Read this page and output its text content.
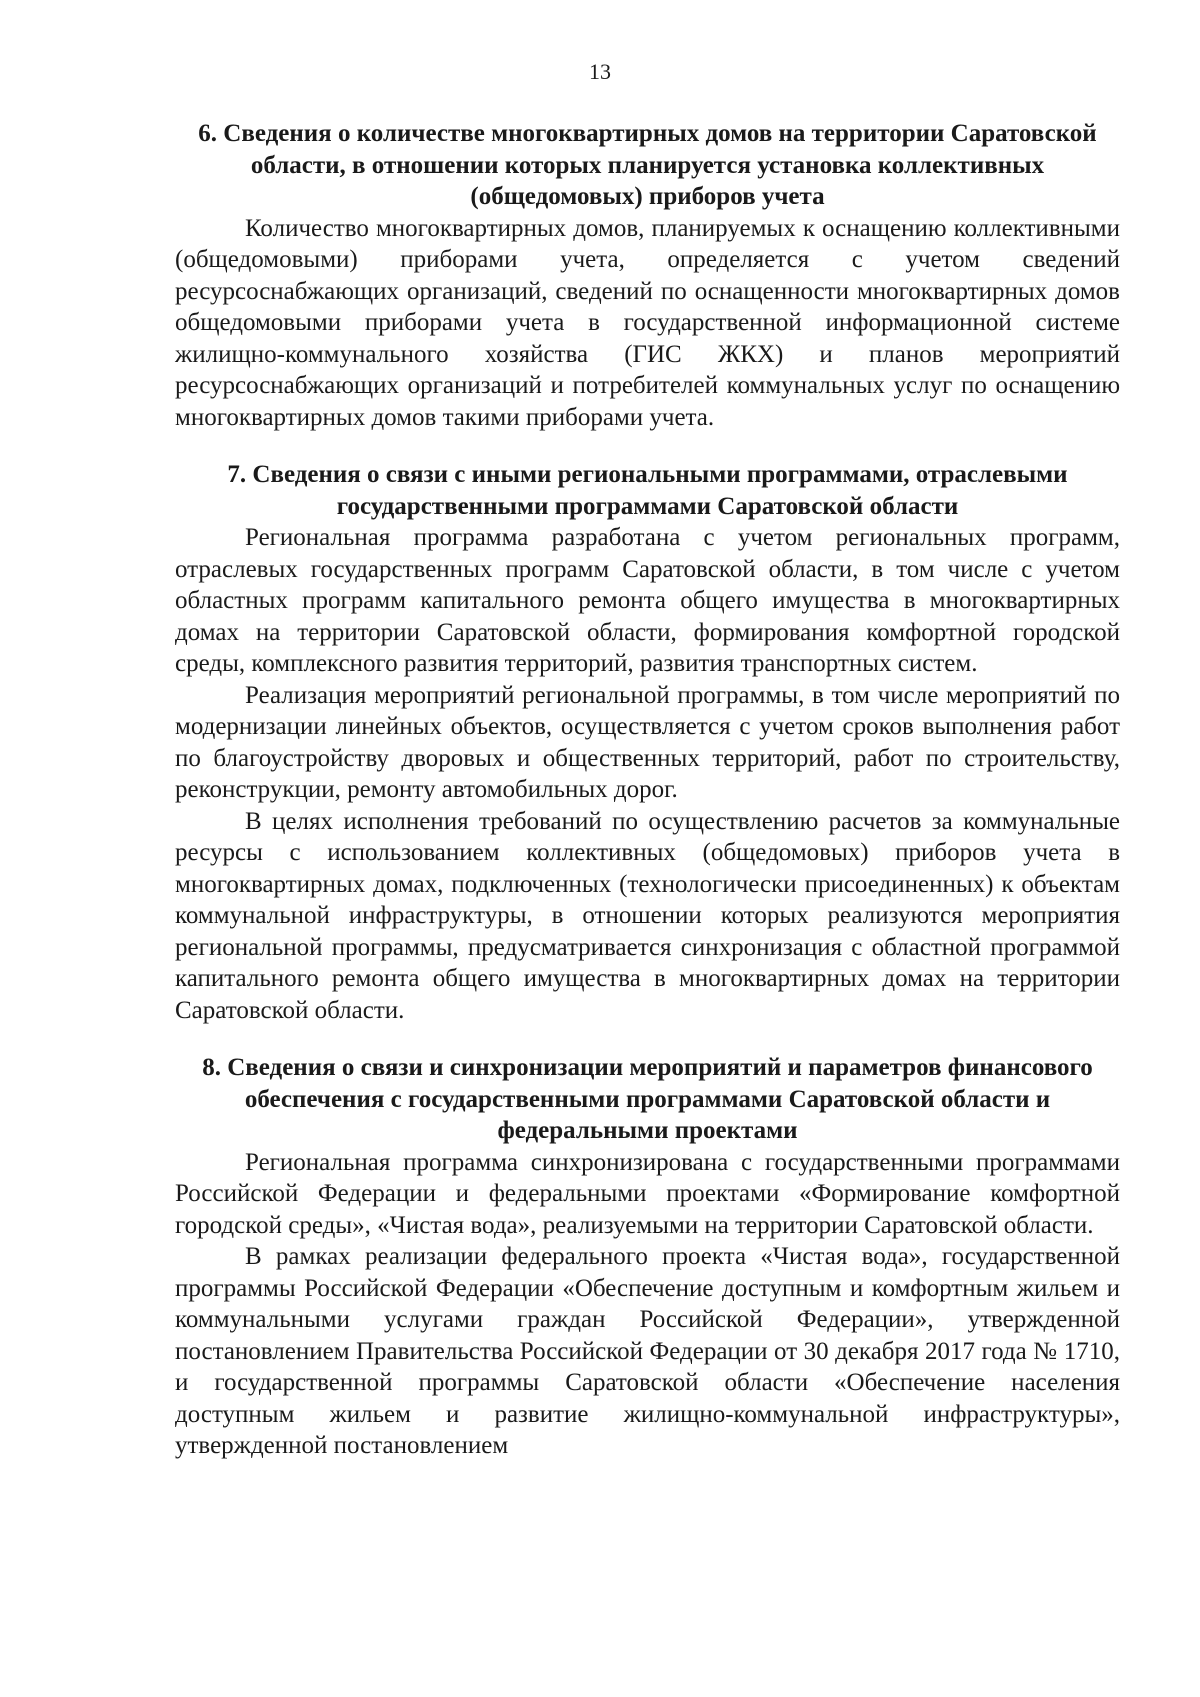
13

6. Сведения о количестве многоквартирных домов на территории Саратовской области, в отношении которых планируется установка коллективных (общедомовых) приборов учета

Количество многоквартирных домов, планируемых к оснащению коллективными (общедомовыми) приборами учета, определяется с учетом сведений ресурсоснабжающих организаций, сведений по оснащенности многоквартирных домов общедомовыми приборами учета в государственной информационной системе жилищно-коммунального хозяйства (ГИС ЖКХ) и планов мероприятий ресурсоснабжающих организаций и потребителей коммунальных услуг по оснащению многоквартирных домов такими приборами учета.

7. Сведения о связи с иными региональными программами, отраслевыми государственными программами Саратовской области

Региональная программа разработана с учетом региональных программ, отраслевых государственных программ Саратовской области, в том числе с учетом областных программ капитального ремонта общего имущества в многоквартирных домах на территории Саратовской области, формирования комфортной городской среды, комплексного развития территорий, развития транспортных систем.

Реализация мероприятий региональной программы, в том числе мероприятий по модернизации линейных объектов, осуществляется с учетом сроков выполнения работ по благоустройству дворовых и общественных территорий, работ по строительству, реконструкции, ремонту автомобильных дорог.

В целях исполнения требований по осуществлению расчетов за коммунальные ресурсы с использованием коллективных (общедомовых) приборов учета в многоквартирных домах, подключенных (технологически присоединенных) к объектам коммунальной инфраструктуры, в отношении которых реализуются мероприятия региональной программы, предусматривается синхронизация с областной программой капитального ремонта общего имущества в многоквартирных домах на территории Саратовской области.

8. Сведения о связи и синхронизации мероприятий и параметров финансового обеспечения с государственными программами Саратовской области и федеральными проектами

Региональная программа синхронизирована с государственными программами Российской Федерации и федеральными проектами «Формирование комфортной городской среды», «Чистая вода», реализуемыми на территории Саратовской области.

В рамках реализации федерального проекта «Чистая вода», государственной программы Российской Федерации «Обеспечение доступным и комфортным жильем и коммунальными услугами граждан Российской Федерации», утвержденной постановлением Правительства Российской Федерации от 30 декабря 2017 года № 1710, и государственной программы Саратовской области «Обеспечение населения доступным жильем и развитие жилищно-коммунальной инфраструктуры», утвержденной постановлением
